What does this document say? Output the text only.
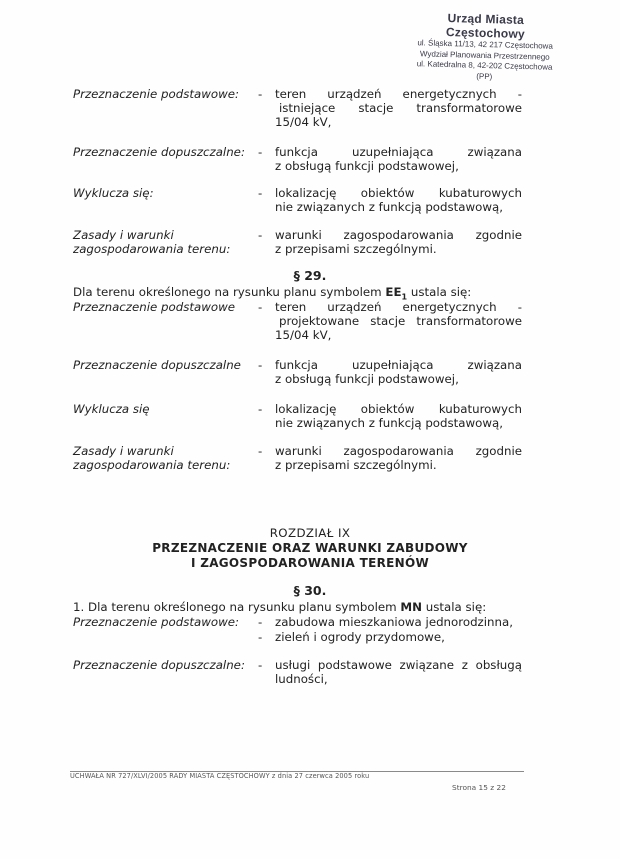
Urząd Miasta Częstochowy
ul. Śląska 11/13, 42 217 Częstochowa
Wydział Planowania Przestrzennego
ul. Katedralna 8, 42-202 Częstochowa
(PP)
Przeznaczenie podstawowe: - teren urządzeń energetycznych -
istniejące stacje transformatorowe
15/04 kV,
Przeznaczenie dopuszczalne: - funkcja uzupełniająca związana
z obsługą funkcji podstawowej,
Wyklucza się:	- lokalizację obiektów kubaturowych
nie związanych z funkcją podstawową,
Zasady i warunki
zagospodarowania terenu:
- warunki zagospodarowania zgodnie
z przepisami szczególnymi.
§ 29.
Dla terenu określonego na rysunku planu symbolem $EE_1$ ustala się:
Przeznaczenie podstawowe - teren urządzeń energetycznych -
projektowane stacje transformatorowe
15/04 kV,
Przeznaczenie dopuszczalne - funkcja uzupełniająca związana
z obsługą funkcji podstawowej,
Wyklucza się	- lokalizację obiektów kubaturowych
nie związanych z funkcją podstawową,
Zasady i warunki
zagospodarowania terenu:
- warunki zagospodarowania zgodnie
z przepisami szczególnymi.
ROZDZIAŁ IX
PRZEZNACZENIE ORAZ WARUNKI ZABUDOWY
I ZAGOSPODAROWANIA TERENÓW
§ 30.
1. Dla terenu określonego na rysunku planu symbolem MN ustala się:
Przeznaczenie podstawowe: - zabudowa mieszkaniowa jednorodzinna,
- zieleń i ogrody przydomowe,
Przeznaczenie dopuszczalne: - usługi podstawowe związane z obsługą
ludności,
UCHWAŁA NR 727/XLVI/2005 RADY MIASTA CZĘSTOCHOWY z dnia 27 czerwca 2005 roku
Strona 15 z 22
